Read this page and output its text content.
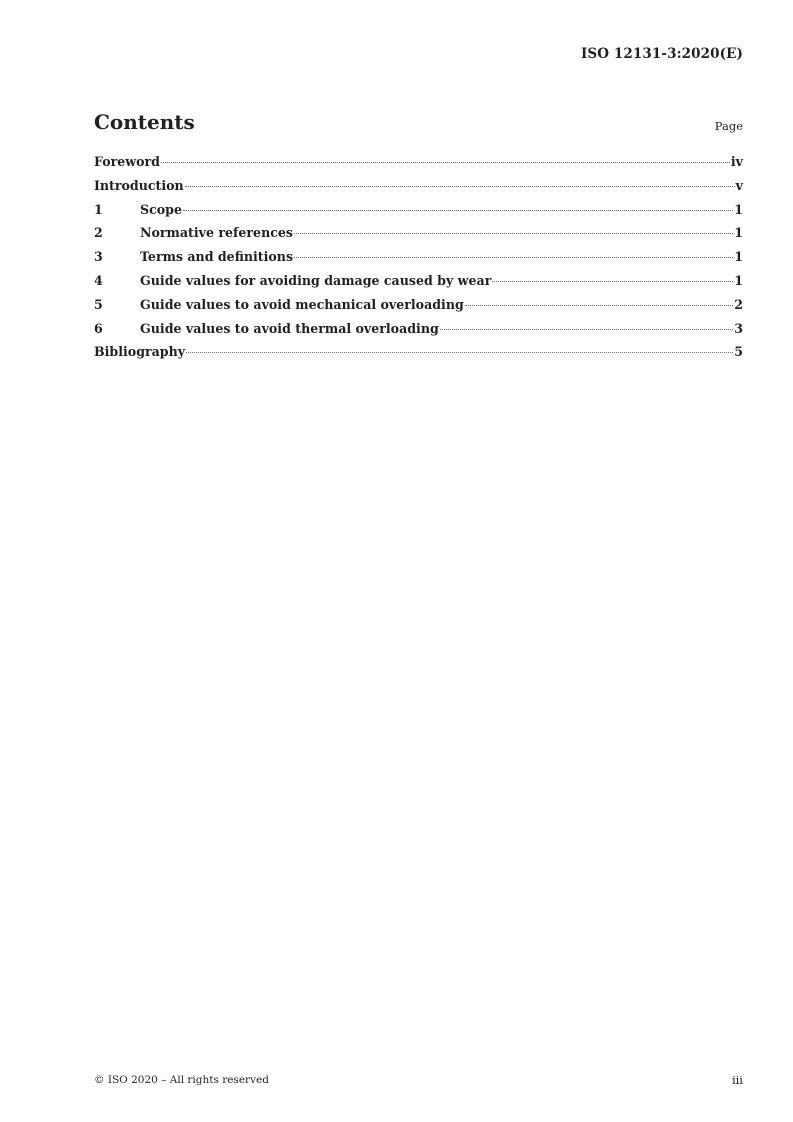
ISO 12131-3:2020(E)
Contents	Page
Foreword	iv
Introduction	v
1	Scope	1
2	Normative references	1
3	Terms and definitions	1
4	Guide values for avoiding damage caused by wear	1
5	Guide values to avoid mechanical overloading	2
6	Guide values to avoid thermal overloading	3
Bibliography	5
© ISO 2020 – All rights reserved	iii
